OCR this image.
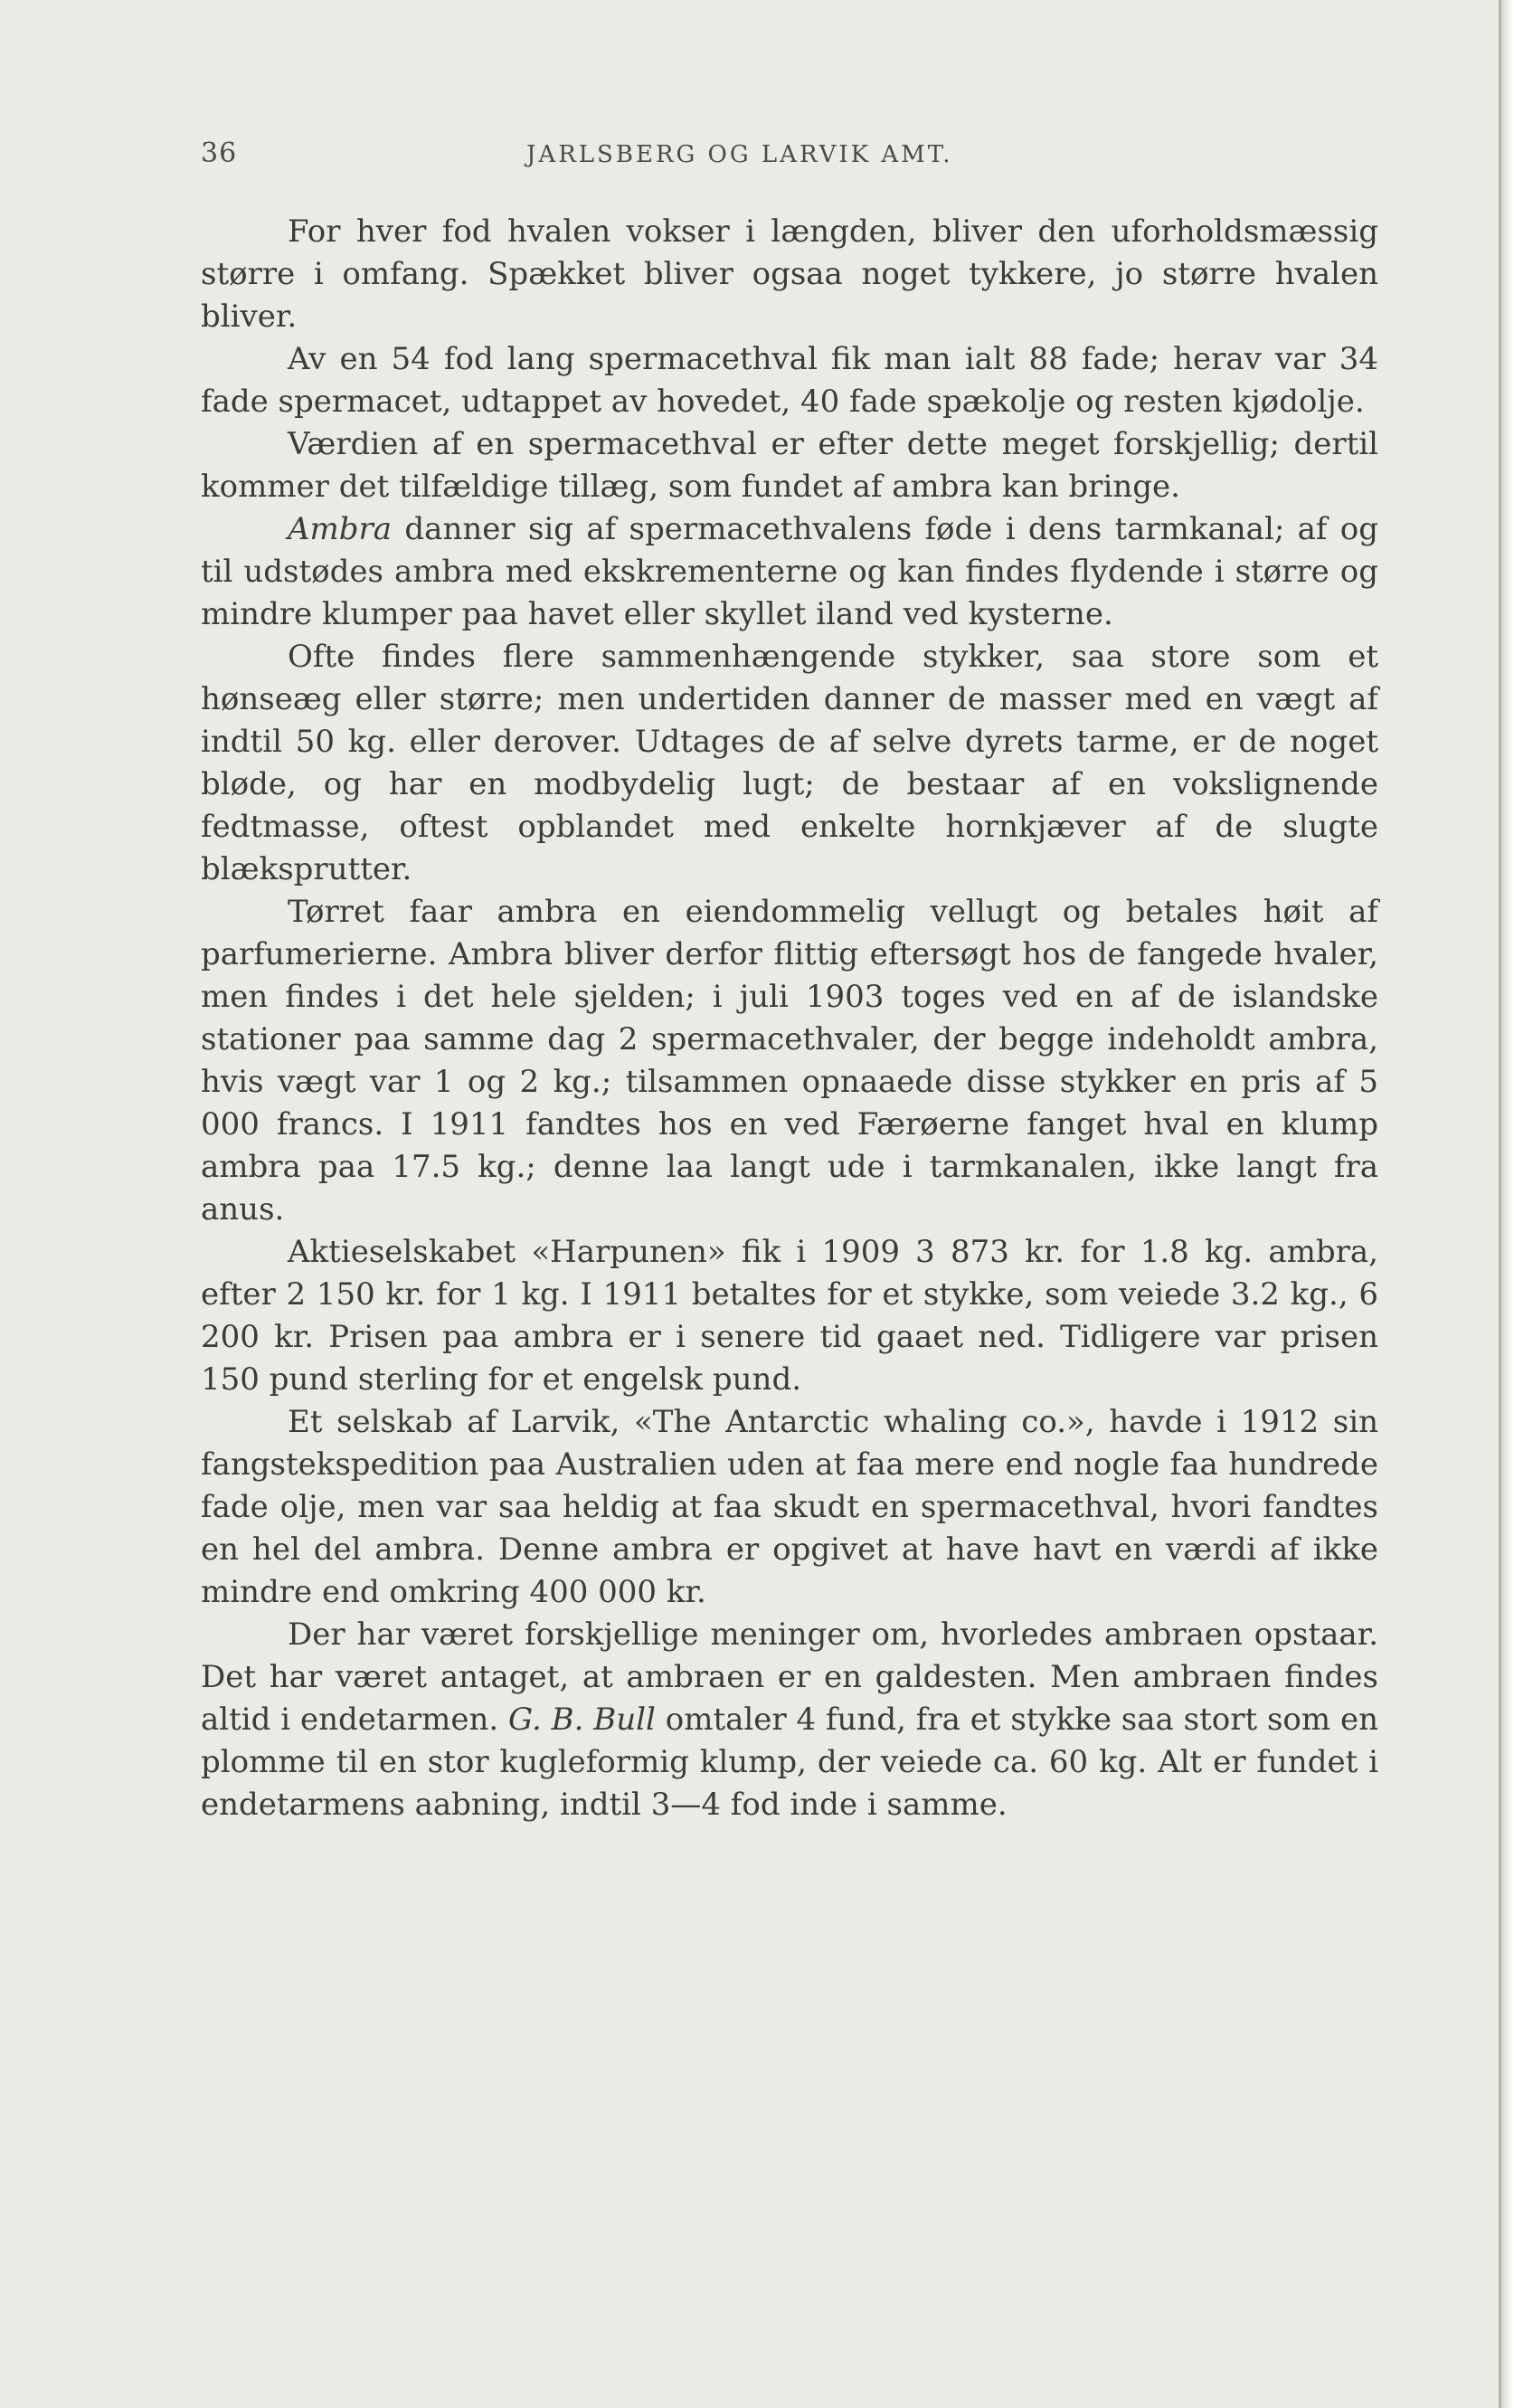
36	JARLSBERG OG LARVIK AMT.

For hver fod hvalen vokser i længden, bliver den uforholdsmæssig større i omfang. Spækket bliver ogsaa noget tykkere, jo større hvalen bliver.

Av en 54 fod lang spermacethval fik man ialt 88 fade; herav var 34 fade spermacet, udtappet av hovedet, 40 fade spækolje og resten kjødolje.

Værdien af en spermacethval er efter dette meget forskjellig; dertil kommer det tilfældige tillæg, som fundet af ambra kan bringe.

Ambra danner sig af spermacethvalens føde i dens tarmkanal; af og til udstødes ambra med ekskrementerne og kan findes flydende i større og mindre klumper paa havet eller skyllet iland ved kysterne.

Ofte findes flere sammenhængende stykker, saa store som et hønseæg eller større; men undertiden danner de masser med en vægt af indtil 50 kg. eller derover. Udtages de af selve dyrets tarme, er de noget bløde, og har en modbydelig lugt; de bestaar af en vokslignende fedtmasse, oftest opblandet med enkelte hornkjæver af de slugte blæksprutter.

Tørret faar ambra en eiendommelig vellugt og betales høit af parfumerierne. Ambra bliver derfor flittig eftersøgt hos de fangede hvaler, men findes i det hele sjelden; i juli 1903 toges ved en af de islandske stationer paa samme dag 2 spermacethvaler, der begge indeholdt ambra, hvis vægt var 1 og 2 kg.; tilsammen opnaaede disse stykker en pris af 5 000 francs. I 1911 fandtes hos en ved Færøerne fanget hval en klump ambra paa 17.5 kg.; denne laa langt ude i tarmkanalen, ikke langt fra anus.

Aktieselskabet «Harpunen» fik i 1909 3 873 kr. for 1.8 kg. ambra, efter 2 150 kr. for 1 kg. I 1911 betaltes for et stykke, som veiede 3.2 kg., 6 200 kr. Prisen paa ambra er i senere tid gaaet ned. Tidligere var prisen 150 pund sterling for et engelsk pund.

Et selskab af Larvik, «The Antarctic whaling co.», havde i 1912 sin fangstekspedition paa Australien uden at faa mere end nogle faa hundrede fade olje, men var saa heldig at faa skudt en spermacethval, hvori fandtes en hel del ambra. Denne ambra er opgivet at have havt en værdi af ikke mindre end omkring 400 000 kr.

Der har været forskjellige meninger om, hvorledes ambraen opstaar. Det har været antaget, at ambraen er en galdesten. Men ambraen findes altid i endetarmen. G. B. Bull omtaler 4 fund, fra et stykke saa stort som en plomme til en stor kugleformig klump, der veiede ca. 60 kg. Alt er fundet i endetarmens aabning, indtil 3—4 fod inde i samme.
